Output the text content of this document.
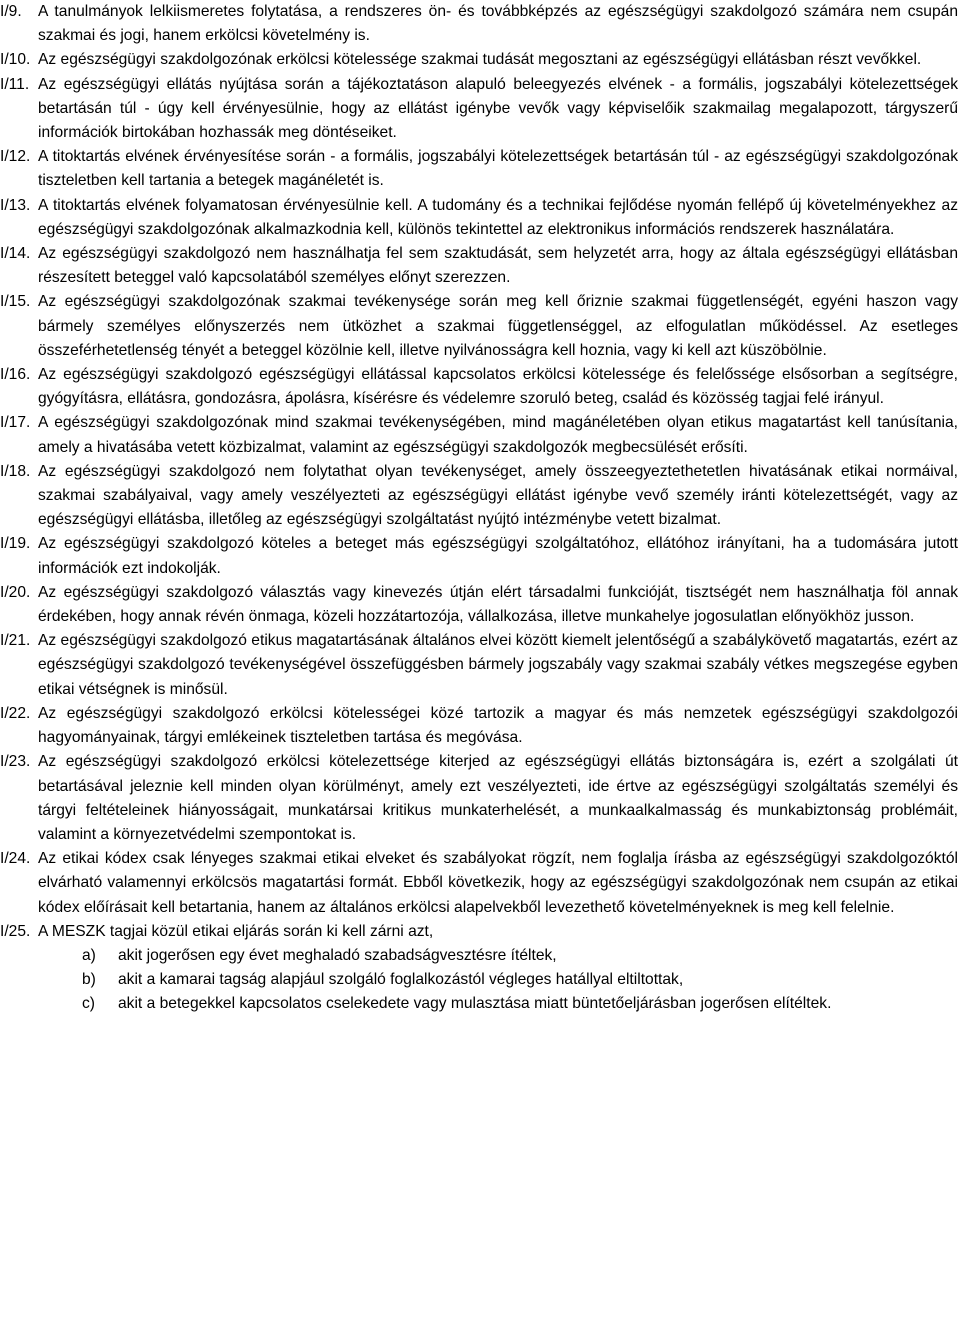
I/9.	A tanulmányok lelkiismeretes folytatása, a rendszeres ön- és továbbképzés az egészségügyi szakdolgozó számára nem csupán szakmai és jogi, hanem erkölcsi követelmény is.
I/10. Az egészségügyi szakdolgozónak erkölcsi kötelessége szakmai tudását megosztani az egészségügyi ellátásban részt vevőkkel.
I/11. Az egészségügyi ellátás nyújtása során a tájékoztatáson alapuló beleegyezés elvének - a formális, jogszabályi kötelezettségek betartásán túl - úgy kell érvényesülnie, hogy az ellátást igénybe vevők vagy képviselőik szakmailag megalapozott, tárgyszerű információk birtokában hozhassák meg döntéseiket.
I/12. A titoktartás elvének érvényesítése során - a formális, jogszabályi kötelezettségek betartásán túl - az egészségügyi szakdolgozónak tiszteletben kell tartania a betegek magánéletét is.
I/13. A titoktartás elvének folyamatosan érvényesülnie kell. A tudomány és a technikai fejlődése nyomán fellépő új követelményekhez az egészségügyi szakdolgozónak alkalmazkodnia kell, különös tekintettel az elektronikus információs rendszerek használatára.
I/14. Az egészségügyi szakdolgozó nem használhatja fel sem szaktudását, sem helyzetét arra, hogy az általa egészségügyi ellátásban részesített beteggel való kapcsolatából személyes előnyt szerezzen.
I/15. Az egészségügyi szakdolgozónak szakmai tevékenysége során meg kell őriznie szakmai függetlenségét, egyéni haszon vagy bármely személyes előnyszerzés nem ütközhet a szakmai függetlenséggel, az elfogulatlan működéssel. Az esetleges összeférhetetlenség tényét a beteggel közölnie kell, illetve nyilvánosságra kell hoznia, vagy ki kell azt küszöbölnie.
I/16. Az egészségügyi szakdolgozó egészségügyi ellátással kapcsolatos erkölcsi kötelessége és felelőssége elsősorban a segítségre, gyógyításra, ellátásra, gondozásra, ápolásra, kísérésre és védelemre szoruló beteg, család és közösség tagjai felé irányul.
I/17. A egészségügyi szakdolgozónak mind szakmai tevékenységében, mind magánéletében olyan etikus magatartást kell tanúsítania, amely a hivatásába vetett közbizalmat, valamint az egészségügyi szakdolgozók megbecsülését erősíti.
I/18. Az egészségügyi szakdolgozó nem folytathat olyan tevékenységet, amely összeegyeztethetetlen hivatásának etikai normáival, szakmai szabályaival, vagy amely veszélyezteti az egészségügyi ellátást igénybe vevő személy iránti kötelezettségét, vagy az egészségügyi ellátásba, illetőleg az egészségügyi szolgáltatást nyújtó intézménybe vetett bizalmat.
I/19. Az egészségügyi szakdolgozó köteles a beteget más egészségügyi szolgáltatóhoz, ellátóhoz irányítani, ha a tudomására jutott információk ezt indokolják.
I/20. Az egészségügyi szakdolgozó választás vagy kinevezés útján elért társadalmi funkcióját, tisztségét nem használhatja föl annak érdekében, hogy annak révén önmaga, közeli hozzátartozója, vállalkozása, illetve munkahelye jogosulatlan előnyökhöz jusson.
I/21. Az egészségügyi szakdolgozó etikus magatartásának általános elvei között kiemelt jelentőségű a szabálykövető magatartás, ezért az egészségügyi szakdolgozó tevékenységével összefüggésben bármely jogszabály vagy szakmai szabály vétkes megszegése egyben etikai vétségnek is minősül.
I/22. Az egészségügyi szakdolgozó erkölcsi kötelességei közé tartozik a magyar és más nemzetek egészségügyi szakdolgozói hagyományainak, tárgyi emlékeinek tiszteletben tartása és megóvása.
I/23. Az egészségügyi szakdolgozó erkölcsi kötelezettsége kiterjed az egészségügyi ellátás biztonságára is, ezért a szolgálati út betartásával jeleznie kell minden olyan körülményt, amely ezt veszélyezteti, ide értve az egészségügyi szolgáltatás személyi és tárgyi feltételeinek hiányosságait, munkatársai kritikus munkaterhelését, a munkaalkalmasság és munkabiztonság problémáit, valamint a környezetvédelmi szempontokat is.
I/24. Az etikai kódex csak lényeges szakmai etikai elveket és szabályokat rögzít, nem foglalja írásba az egészségügyi szakdolgozóktól elvárható valamennyi erkölcsös magatartási formát. Ebből következik, hogy az egészségügyi szakdolgozónak nem csupán az etikai kódex előírásait kell betartania, hanem az általános erkölcsi alapelvekből levezethető követelményeknek is meg kell felelnie.
I/25. A MESZK tagjai közül etikai eljárás során ki kell zárni azt,
a)	akit jogerősen egy évet meghaladó szabadságvesztésre ítéltek,
b)	akit a kamarai tagság alapjául szolgáló foglalkozástól végleges hatállyal eltiltottak,
c)	akit a betegekkel kapcsolatos cselekedete vagy mulasztása miatt büntetőeljárásban jogerősen elítéltek.
